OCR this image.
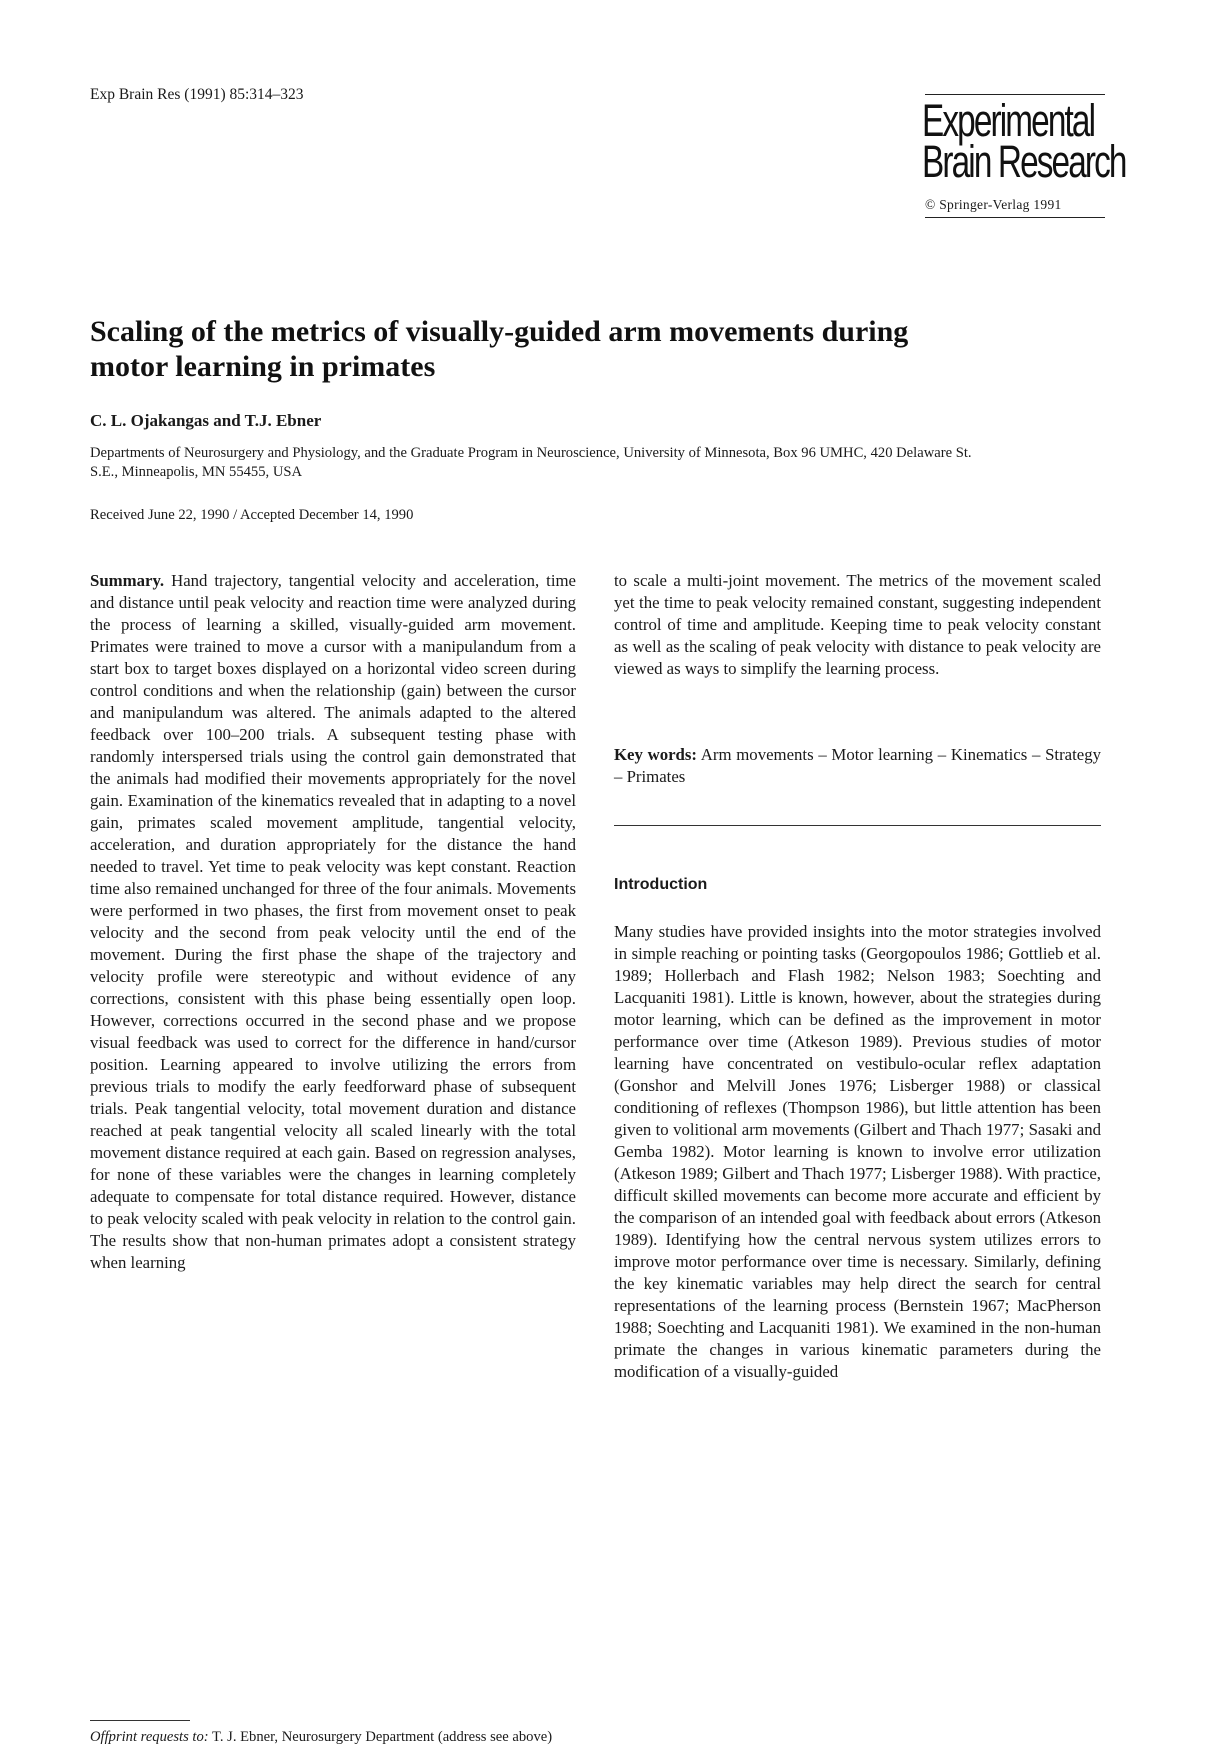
Exp Brain Res (1991) 85:314–323
Experimental
Brain Research
© Springer-Verlag 1991
Scaling of the metrics of visually-guided arm movements during motor learning in primates
C. L. Ojakangas and T.J. Ebner
Departments of Neurosurgery and Physiology, and the Graduate Program in Neuroscience, University of Minnesota, Box 96 UMHC, 420 Delaware St. S.E., Minneapolis, MN 55455, USA
Received June 22, 1990 / Accepted December 14, 1990
Summary. Hand trajectory, tangential velocity and acceleration, time and distance until peak velocity and reaction time were analyzed during the process of learning a skilled, visually-guided arm movement. Primates were trained to move a cursor with a manipulandum from a start box to target boxes displayed on a horizontal video screen during control conditions and when the relationship (gain) between the cursor and manipulandum was altered. The animals adapted to the altered feedback over 100–200 trials. A subsequent testing phase with randomly interspersed trials using the control gain demonstrated that the animals had modified their movements appropriately for the novel gain. Examination of the kinematics revealed that in adapting to a novel gain, primates scaled movement amplitude, tangential velocity, acceleration, and duration appropriately for the distance the hand needed to travel. Yet time to peak velocity was kept constant. Reaction time also remained unchanged for three of the four animals. Movements were performed in two phases, the first from movement onset to peak velocity and the second from peak velocity until the end of the movement. During the first phase the shape of the trajectory and velocity profile were stereotypic and without evidence of any corrections, consistent with this phase being essentially open loop. However, corrections occurred in the second phase and we propose visual feedback was used to correct for the difference in hand/cursor position. Learning appeared to involve utilizing the errors from previous trials to modify the early feedforward phase of subsequent trials. Peak tangential velocity, total movement duration and distance reached at peak tangential velocity all scaled linearly with the total movement distance required at each gain. Based on regression analyses, for none of these variables were the changes in learning completely adequate to compensate for total distance required. However, distance to peak velocity scaled with peak velocity in relation to the control gain. The results show that non-human primates adopt a consistent strategy when learning
to scale a multi-joint movement. The metrics of the movement scaled yet the time to peak velocity remained constant, suggesting independent control of time and amplitude. Keeping time to peak velocity constant as well as the scaling of peak velocity with distance to peak velocity are viewed as ways to simplify the learning process.
Key words: Arm movements – Motor learning – Kinematics – Strategy – Primates
Introduction
Many studies have provided insights into the motor strategies involved in simple reaching or pointing tasks (Georgopoulos 1986; Gottlieb et al. 1989; Hollerbach and Flash 1982; Nelson 1983; Soechting and Lacquaniti 1981). Little is known, however, about the strategies during motor learning, which can be defined as the improvement in motor performance over time (Atkeson 1989). Previous studies of motor learning have concentrated on vestibulo-ocular reflex adaptation (Gonshor and Melvill Jones 1976; Lisberger 1988) or classical conditioning of reflexes (Thompson 1986), but little attention has been given to volitional arm movements (Gilbert and Thach 1977; Sasaki and Gemba 1982). Motor learning is known to involve error utilization (Atkeson 1989; Gilbert and Thach 1977; Lisberger 1988). With practice, difficult skilled movements can become more accurate and efficient by the comparison of an intended goal with feedback about errors (Atkeson 1989). Identifying how the central nervous system utilizes errors to improve motor performance over time is necessary. Similarly, defining the key kinematic variables may help direct the search for central representations of the learning process (Bernstein 1967; MacPherson 1988; Soechting and Lacquaniti 1981). We examined in the non-human primate the changes in various kinematic parameters during the modification of a visually-guided
Offprint requests to: T. J. Ebner, Neurosurgery Department (address see above)
